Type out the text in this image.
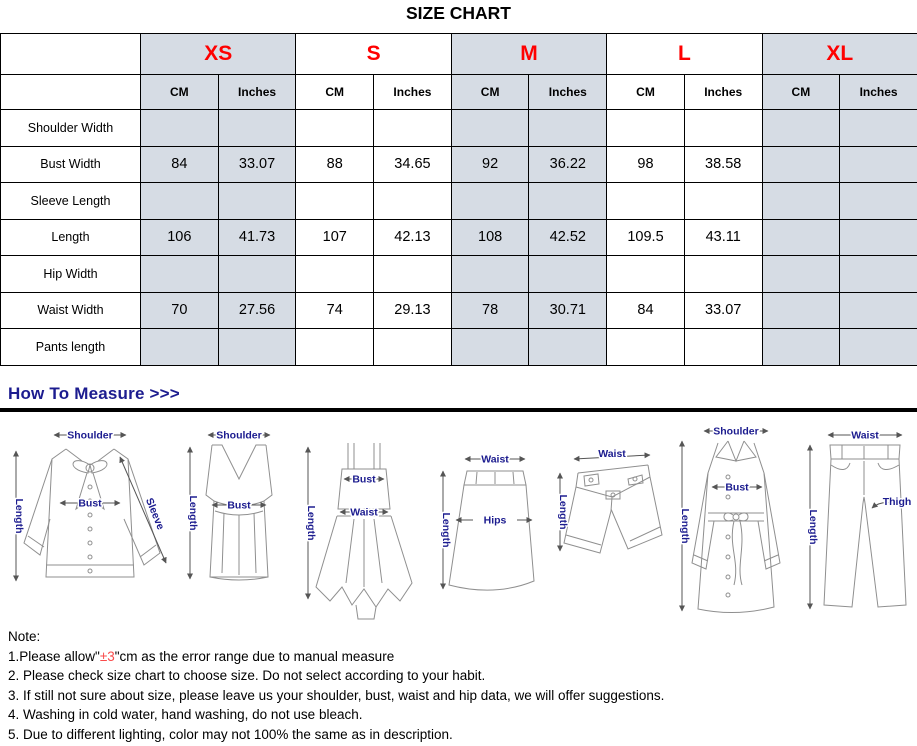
SIZE CHART
	XS		S		M		L		XL	
	CM	Inches	CM	Inches	CM	Inches	CM	Inches	CM	Inches
Shoulder Width										
Bust Width	84	33.07	88	34.65	92	36.22	98	38.58		
Sleeve Length										
Length	106	41.73	107	42.13	108	42.52	109.5	43.11		
Hip Width										
Waist Width	70	27.56	74	29.13	78	30.71	84	33.07		
Pants length										
How To Measure >>>
Shoulder
Length	Bust	Sleeve
Shoulder
Length	Bust
Bust
Waist
Length
Waist
Hips
Length
Waist
Length
Shoulder
Bust
Length
Waist
Thigh
Length

Note:

1.Please allow"±3"cm as the error range due to manual measure

2. Please check size chart to choose size. Do not select according to your habit.

3. If still not sure about size, please leave us your shoulder, bust, waist and hip data, we will offer suggestions.

4. Washing in cold water, hand washing, do not use bleach.

5. Due to different lighting, color may not 100% the same as in description.
